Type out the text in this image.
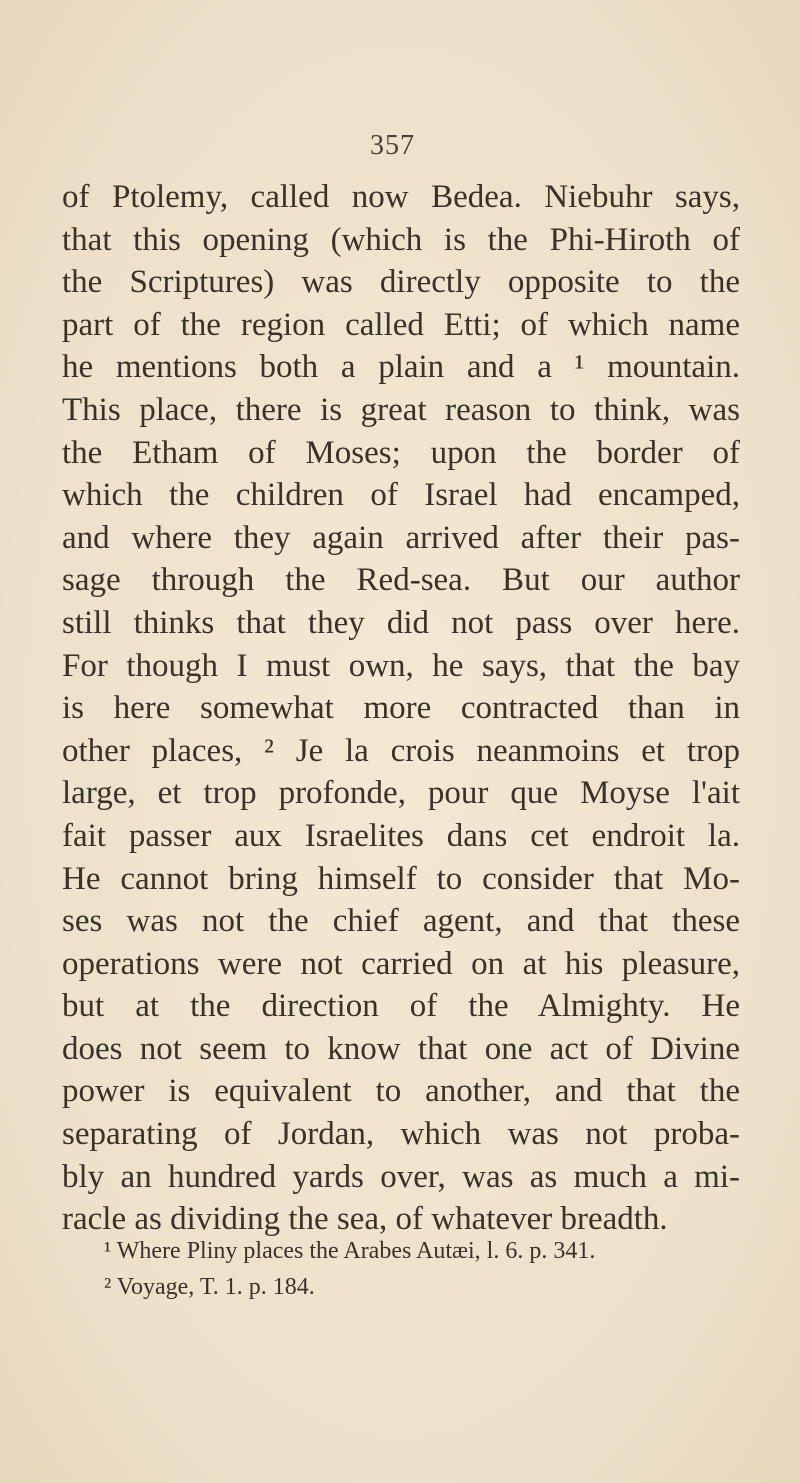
357
of Ptolemy, called now Bedea. Niebuhr says,
that this opening (which is the Phi-Hiroth of
the Scriptures) was directly opposite to the
part of the region called Etti; of which name
he mentions both a plain and a ¹ mountain.
This place, there is great reason to think, was
the Etham of Moses; upon the border of
which the children of Israel had encamped,
and where they again arrived after their pas-
sage through the Red-sea. But our author
still thinks that they did not pass over here.
For though I must own, he says, that the bay
is here somewhat more contracted than in
other places, ² Je la crois neanmoins et trop
large, et trop profonde, pour que Moyse l'ait
fait passer aux Israelites dans cet endroit la.
He cannot bring himself to consider that Mo-
ses was not the chief agent, and that these
operations were not carried on at his pleasure,
but at the direction of the Almighty. He
does not seem to know that one act of Divine
power is equivalent to another, and that the
separating of Jordan, which was not proba-
bly an hundred yards over, was as much a mi-
racle as dividing the sea, of whatever breadth.
¹ Where Pliny places the Arabes Autæi, l. 6. p. 341.
² Voyage, T. 1. p. 184.
